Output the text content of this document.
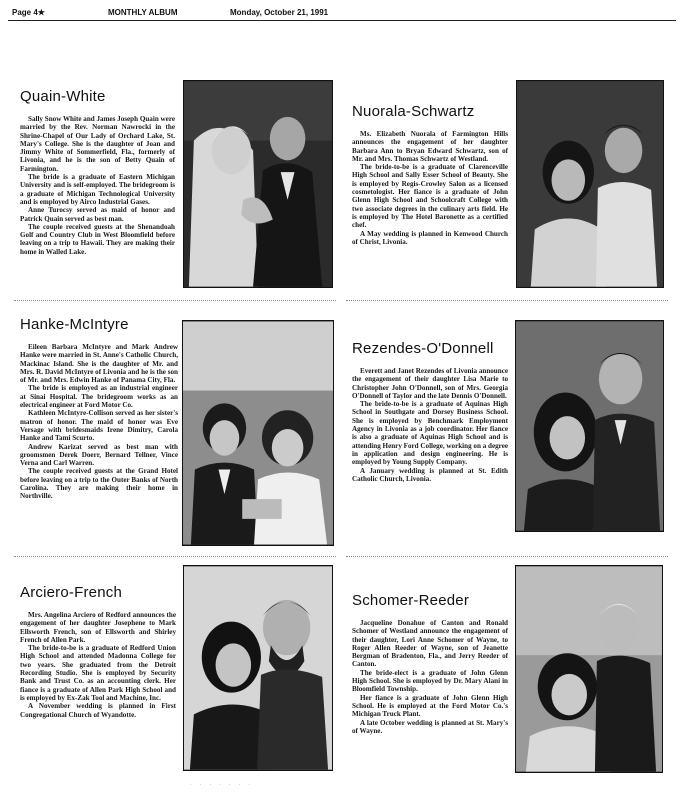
Page 4★	MONTHLY ALBUM	Monday, October 21, 1991
Quain-White

Sally Snow White and James Joseph Quain were married by the Rev. Norman Nawrocki in the Shrine-Chapel of Our Lady of Orchard Lake, St. Mary's College. She is the daughter of Joan and Jimmy White of Sommerfield, Fla., formerly of Livonia, and he is the son of Betty Quain of Farmington.

The bride is a graduate of Eastern Michigan University and is self-employed. The bridegroom is a graduate of Michigan Technological University and is employed by Airco Industrial Gases.

Anne Turocsy served as maid of honor and Patrick Quain served as best man.

The couple received guests at the Shenandoah Golf and Country Club in West Bloomfield before leaving on a trip to Hawaii. They are making their home in Walled Lake.

Nuorala-Schwartz

Ms. Elizabeth Nuorala of Farmington Hills announces the engagement of her daughter Barbara Ann to Bryan Edward Schwartz, son of Mr. and Mrs. Thomas Schwartz of Westland.

The bride-to-be is a graduate of Clarenceville High School and Sally Esser School of Beauty. She is employed by Regis-Crowley Salon as a licensed cosmetologist. Her fiance is a graduate of John Glenn High School and Schoolcraft College with two associate degrees in the culinary arts field. He is employed by The Hotel Baronette as a certified chef.

A May wedding is planned in Kenwood Church of Christ, Livonia.

Hanke-McIntyre

Eileen Barbara McIntyre and Mark Andrew Hanke were married in St. Anne's Catholic Church, Mackinac Island. She is the daughter of Mr. and Mrs. R. David McIntyre of Livonia and he is the son of Mr. and Mrs. Edwin Hanke of Panama City, Fla.

The bride is employed as an industrial engineer at Sinai Hospital. The bridegroom works as an electrical engineer at Ford Motor Co.

Kathleen McIntyre-Collison served as her sister's matron of honor. The maid of honor was Eve Versage with bridesmaids Irene Dimitry, Carola Hanke and Tami Scurto.

Andrew Karizat served as best man with groomsmen Derek Doerr, Bernard Tellner, Vince Verna and Carl Warren.

The couple received guests at the Grand Hotel before leaving on a trip to the Outer Banks of North Carolina. They are making their home in Northville.

Rezendes-O'Donnell

Everett and Janet Rezendes of Livonia announce the engagement of their daughter Lisa Marie to Christopher John O'Donnell, son of Mrs. Georgia O'Donnell of Taylor and the late Dennis O'Donnell.

The bride-to-be is a graduate of Aquinas High School in Southgate and Dorsey Business School. She is employed by Benchmark Employment Agency in Livonia as a job coordinator. Her fiance is also a graduate of Aquinas High School and is attending Henry Ford College, working on a degree in application and design engineering. He is employed by Young Supply Company.

A January wedding is planned at St. Edith Catholic Church, Livonia.

Arciero-French

Mrs. Angelina Arciero of Redford announces the engagement of her daughter Josephene to Mark Ellsworth French, son of Ellsworth and Shirley French of Allen Park.

The bride-to-be is a graduate of Redford Union High School and attended Madonna College for two years. She graduated from the Detroit Recording Studio. She is employed by Security Bank and Trust Co. as an accounting clerk. Her fiance is a graduate of Allen Park High School and is employed by Ex-Zak Tool and Machine, Inc.

A November wedding is planned in First Congregational Church of Wyandotte.

Schomer-Reeder

Jacqueline Donahue of Canton and Ronald Schomer of Westland announce the engagement of their daughter, Lori Anne Schomer of Wayne, to Roger Allen Reeder of Wayne, son of Jeanette Bergman of Bradenton, Fla., and Jerry Reeder of Canton.

The bride-elect is a graduate of John Glenn High School. She is employed by Dr. Mary Alani in Bloomfield Township.

Her fiance is a graduate of John Glenn High School. He is employed at the Ford Motor Co.'s Michigan Truck Plant.

A late October wedding is planned at St. Mary's of Wayne.

· · · · · · ·
